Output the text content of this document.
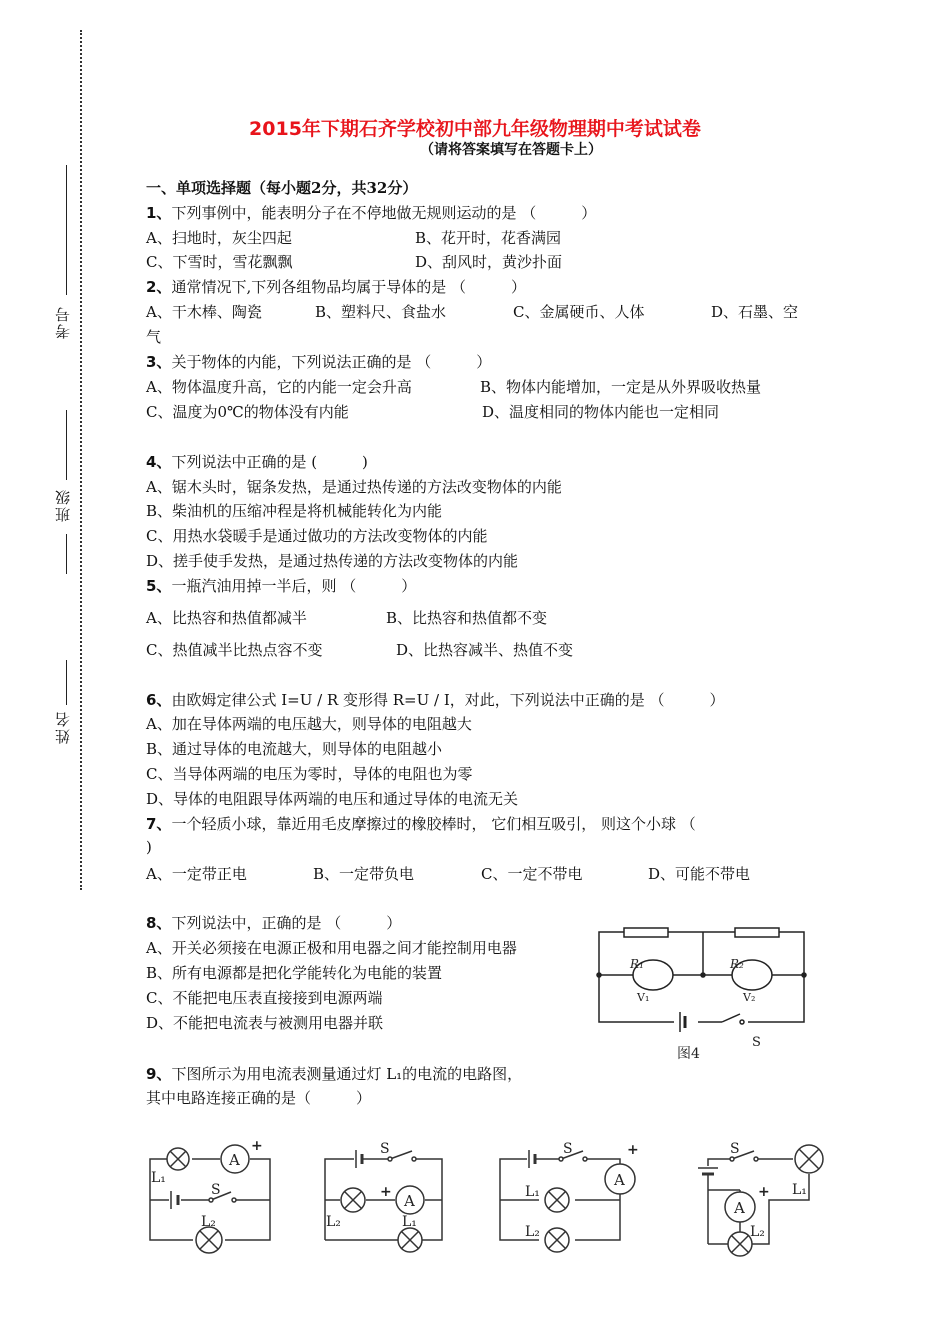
考号
班级
姓名
2015年下期石齐学校初中部九年级物理期中考试试卷
（请将答案填写在答题卡上）
一、单项选择题（每小题2分，共32分）
1、下列事例中，能表明分子在不停地做无规则运动的是 （　　　）
A、扫地时，灰尘四起	B、花开时，花香满园
C、下雪时，雪花飘飘	D、刮风时，黄沙扑面
2、通常情况下,下列各组物品均属于导体的是 （　　　）
A、干木棒、陶瓷	B、塑料尺、食盐水	C、金属硬币、人体	D、石墨、空
气
3、关于物体的内能，下列说法正确的是 （　　　）
A、物体温度升高，它的内能一定会升高	B、物体内能增加，一定是从外界吸收热量
C、温度为0℃的物体没有内能	D、温度相同的物体内能也一定相同
4、下列说法中正确的是 (　　　)
A、锯木头时，锯条发热，是通过热传递的方法改变物体的内能
B、柴油机的压缩冲程是将机械能转化为内能
C、用热水袋暖手是通过做功的方法改变物体的内能
D、搓手使手发热，是通过热传递的方法改变物体的内能
5、一瓶汽油用掉一半后，则 （　　　）
A、比热容和热值都减半	B、比热容和热值都不变
C、热值减半比热点容不变	D、比热容减半、热值不变
6、由欧姆定律公式 I=U / R 变形得 R=U / I，对此，下列说法中正确的是 （　　　）
A、加在导体两端的电压越大，则导体的电阻越大
B、通过导体的电流越大，则导体的电阻越小
C、当导体两端的电压为零时，导体的电阻也为零
D、导体的电阻跟导体两端的电压和通过导体的电流无关
7、一个轻质小球，靠近用毛皮摩擦过的橡胶棒时， 它们相互吸引， 则这个小球 （
)
A、一定带正电	B、一定带负电	C、一定不带电	D、可能不带电
8、下列说法中，正确的是 （　　　）
A、开关必须接在电源正极和用电器之间才能控制用电器
B、所有电源都是把化学能转化为电能的装置
C、不能把电压表直接接到电源两端
D、不能把电流表与被测用电器并联
R₁	R₂
V₁	V₂
S
图4
9、下图所示为用电流表测量通过灯 L₁的电流的电路图，
其中电路连接正确的是（　　　）
A
+
L₁
S
L₂
A
+
S
L₂	L₁
A
+
S
L₁
L₂
A
+
S
L₁
L₂
